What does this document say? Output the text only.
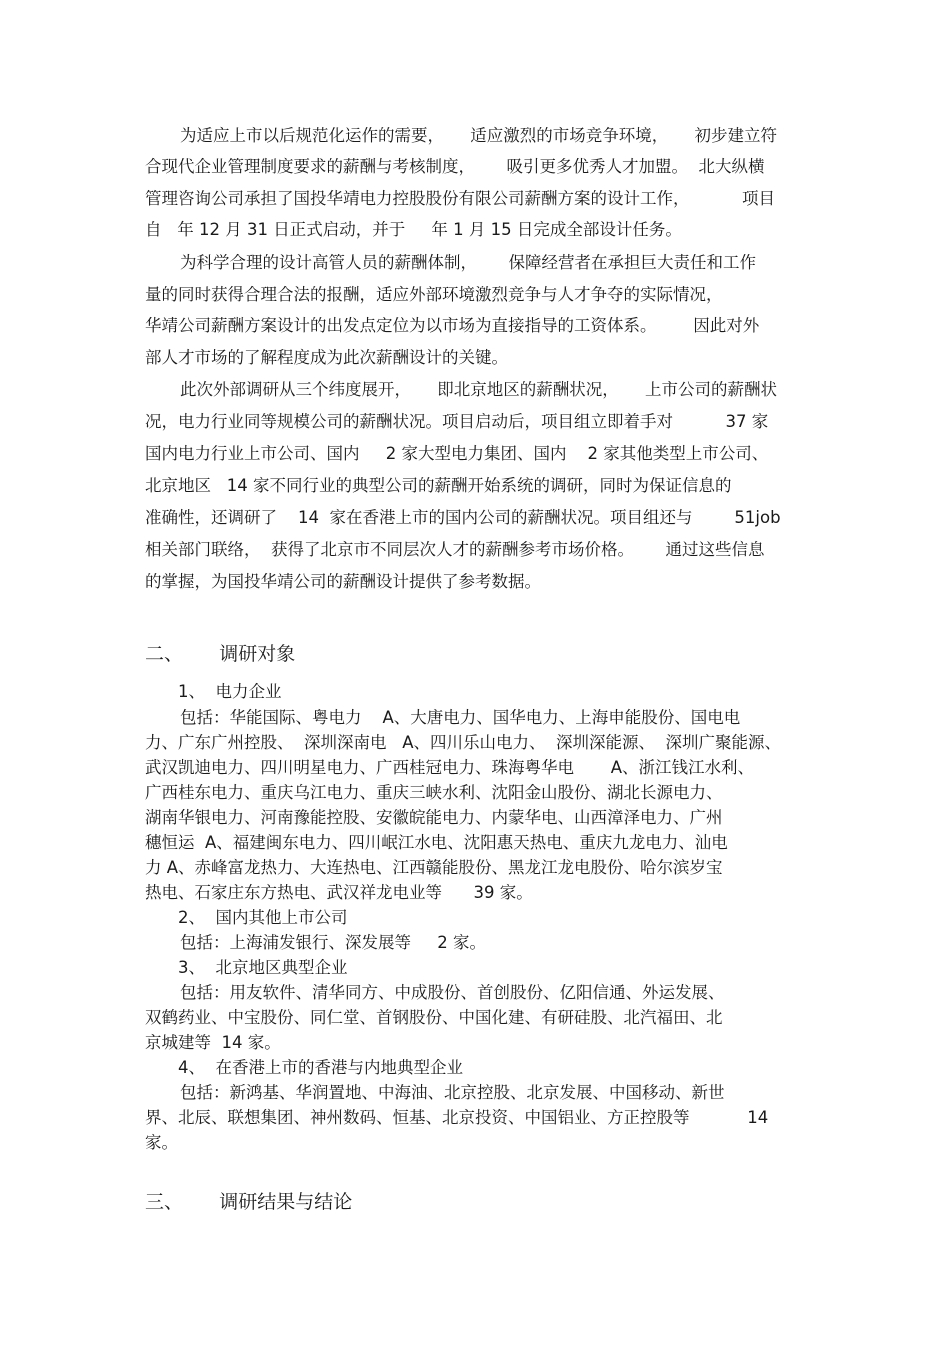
为适应上市以后规范化运作的需要，     适应激烈的市场竞争环境，     初步建立符
合现代企业管理制度要求的薪酬与考核制度，      吸引更多优秀人才加盟。  北大纵横
管理咨询公司承担了国投华靖电力控股股份有限公司薪酬方案的设计工作，          项目
自   年 12 月 31 日正式启动，并于     年 1 月 15 日完成全部设计任务。
为科学合理的设计高管人员的薪酬体制，      保障经营者在承担巨大责任和工作
量的同时获得合理合法的报酬，适应外部环境激烈竞争与人才争夺的实际情况，
华靖公司薪酬方案设计的出发点定位为以市场为直接指导的工资体系。       因此对外
部人才市场的了解程度成为此次薪酬设计的关键。
此次外部调研从三个纬度展开，     即北京地区的薪酬状况，     上市公司的薪酬状
况，电力行业同等规模公司的薪酬状况。项目启动后，项目组立即着手对          37 家
国内电力行业上市公司、国内     2 家大型电力集团、国内    2 家其他类型上市公司、
北京地区   14 家不同行业的典型公司的薪酬开始系统的调研，同时为保证信息的
准确性，还调研了    14  家在香港上市的国内公司的薪酬状况。项目组还与        51job
相关部门联络，  获得了北京市不同层次人才的薪酬参考市场价格。      通过这些信息
的掌握，为国投华靖公司的薪酬设计提供了参考数据。
二、      调研对象
1、  电力企业
包括：华能国际、粤电力    A、大唐电力、国华电力、上海申能股份、国电电
力、广东广州控股、  深圳深南电   A、四川乐山电力、  深圳深能源、  深圳广聚能源、
武汉凯迪电力、四川明星电力、广西桂冠电力、珠海粤华电       A、浙江钱江水利、
广西桂东电力、重庆乌江电力、重庆三峡水利、沈阳金山股份、湖北长源电力、
湖南华银电力、河南豫能控股、安徽皖能电力、内蒙华电、山西漳泽电力、广州
穗恒运  A、福建闽东电力、四川岷江水电、沈阳惠天热电、重庆九龙电力、汕电
力 A、赤峰富龙热力、大连热电、江西赣能股份、黑龙江龙电股份、哈尔滨岁宝
热电、石家庄东方热电、武汉祥龙电业等      39 家。
2、  国内其他上市公司
包括：上海浦发银行、深发展等     2 家。
3、  北京地区典型企业
包括：用友软件、清华同方、中成股份、首创股份、亿阳信通、外运发展、
双鹤药业、中宝股份、同仁堂、首钢股份、中国化建、有研硅股、北汽福田、北
京城建等  14 家。
4、  在香港上市的香港与内地典型企业
包括：新鸿基、华润置地、中海油、北京控股、北京发展、中国移动、新世
界、北辰、联想集团、神州数码、恒基、北京投资、中国铝业、方正控股等           14
家。
三、      调研结果与结论
